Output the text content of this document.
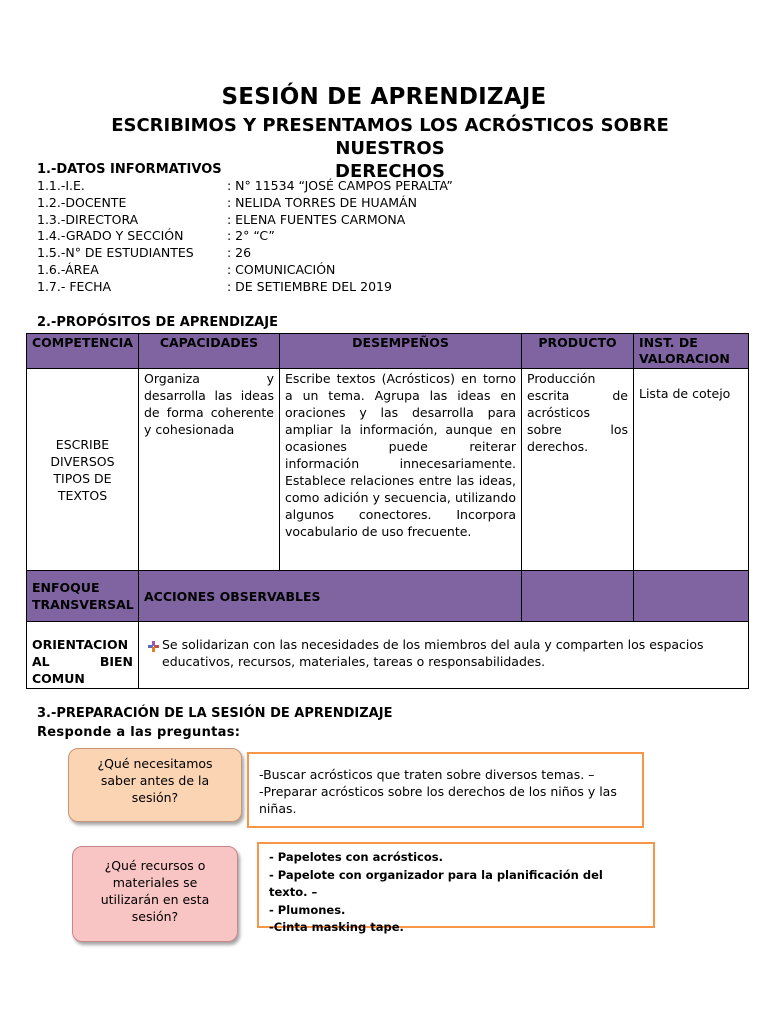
SESIÓN DE APRENDIZAJE
ESCRIBIMOS Y PRESENTAMOS LOS ACRÓSTICOS SOBRE NUESTROS
DERECHOS
1.-DATOS INFORMATIVOS
1.1.-I.E.	: N° 11534 “JOSÉ CAMPOS PERALTA”
1.2.-DOCENTE	: NELIDA TORRES DE HUAMÁN
1.3.-DIRECTORA	: ELENA FUENTES CARMONA
1.4.-GRADO Y SECCIÓN	: 2° “C”
1.5.-N° DE ESTUDIANTES	: 26
1.6.-ÁREA	: COMUNICACIÓN
1.7.- FECHA	: DE SETIEMBRE DEL 2019
2.-PROPÓSITOS DE APRENDIZAJE
COMPETENCIA	CAPACIDADES	DESEMPEÑOS	PRODUCTO	INST. DE VALORACION
ESCRIBE DIVERSOS TIPOS DE TEXTOS	Organiza y desarrolla las ideas de forma coherente y cohesionada	Escribe textos (Acrósticos) en torno a un tema. Agrupa las ideas en oraciones y las desarrolla para ampliar la información, aunque en ocasiones puede reiterar información innecesariamente. Establece relaciones entre las ideas, como adición y secuencia, utilizando algunos conectores. Incorpora vocabulario de uso frecuente.	Producción escrita de acrósticos sobre los derechos.	Lista de cotejo
ENFOQUE TRANSVERSAL	ACCIONES OBSERVABLES			
ORIENTACION AL BIEN COMUN	Se solidarizan con las necesidades de los miembros del aula y comparten los espacios educativos, recursos, materiales, tareas o responsabilidades.			
3.-PREPARACIÓN DE LA SESIÓN DE APRENDIZAJE
Responde a las preguntas:
¿Qué necesitamos saber antes de la sesión?
-Buscar acrósticos que traten sobre diversos temas. –
-Preparar acrósticos sobre los derechos de los niños y las niñas.
¿Qué recursos o materiales se utilizarán en esta sesión?
- Papelotes con acrósticos.
- Papelote con organizador para la planificación del texto. –
- Plumones.
-Cinta masking tape.
